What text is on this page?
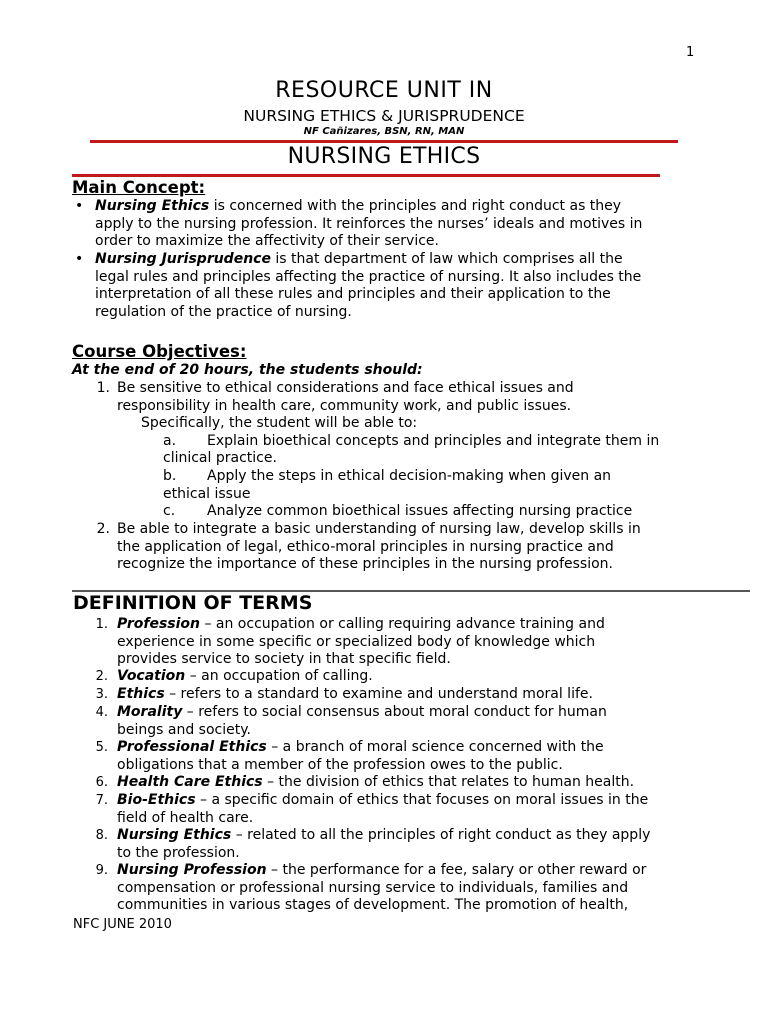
1
RESOURCE UNIT IN
NURSING ETHICS & JURISPRUDENCE
NF Cañizares, BSN, RN, MAN
NURSING ETHICS
Main Concept:
• Nursing Ethics is concerned with the principles and right conduct as they
apply to the nursing profession. It reinforces the nurses’ ideals and motives in
order to maximize the affectivity of their service.
• Nursing Jurisprudence is that department of law which comprises all the
legal rules and principles affecting the practice of nursing. It also includes the
interpretation of all these rules and principles and their application to the
regulation of the practice of nursing.
Course Objectives:
At the end of 20 hours, the students should:
1. Be sensitive to ethical considerations and face ethical issues and
responsibility in health care, community work, and public issues.
Specifically, the student will be able to:
a. Explain bioethical concepts and principles and integrate them in
clinical practice.
b. Apply the steps in ethical decision-making when given an
ethical issue
c. Analyze common bioethical issues affecting nursing practice
2. Be able to integrate a basic understanding of nursing law, develop skills in
the application of legal, ethico-moral principles in nursing practice and
recognize the importance of these principles in the nursing profession.
DEFINITION OF TERMS
1. Profession – an occupation or calling requiring advance training and
experience in some specific or specialized body of knowledge which
provides service to society in that specific field.
2. Vocation – an occupation of calling.
3. Ethics – refers to a standard to examine and understand moral life.
4. Morality – refers to social consensus about moral conduct for human
beings and society.
5. Professional Ethics – a branch of moral science concerned with the
obligations that a member of the profession owes to the public.
6. Health Care Ethics – the division of ethics that relates to human health.
7. Bio-Ethics – a specific domain of ethics that focuses on moral issues in the
field of health care.
8. Nursing Ethics – related to all the principles of right conduct as they apply
to the profession.
9. Nursing Profession – the performance for a fee, salary or other reward or
compensation or professional nursing service to individuals, families and
communities in various stages of development. The promotion of health,
NFC JUNE 2010
